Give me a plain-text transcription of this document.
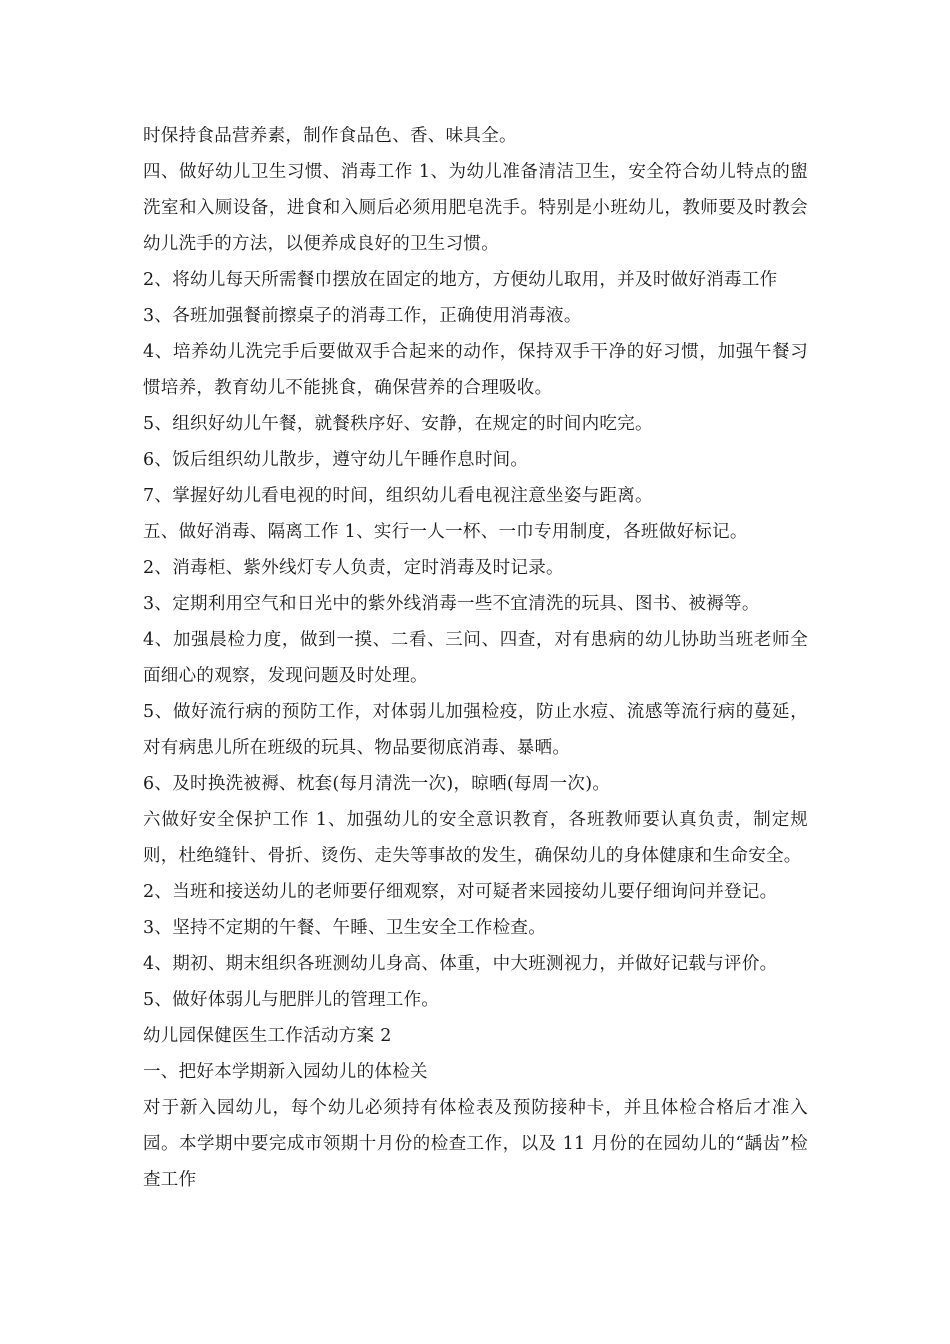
时保持食品营养素，制作食品色、香、味具全。

四、做好幼儿卫生习惯、消毒工作 1、为幼儿准备清洁卫生，安全符合幼儿特点的盥洗室和入厕设备，进食和入厕后必须用肥皂洗手。特别是小班幼儿，教师要及时教会幼儿洗手的方法，以便养成良好的卫生习惯。

2、将幼儿每天所需餐巾摆放在固定的地方，方便幼儿取用，并及时做好消毒工作

3、各班加强餐前擦桌子的消毒工作，正确使用消毒液。

4、培养幼儿洗完手后要做双手合起来的动作，保持双手干净的好习惯，加强午餐习惯培养，教育幼儿不能挑食，确保营养的合理吸收。

5、组织好幼儿午餐，就餐秩序好、安静，在规定的时间内吃完。

6、饭后组织幼儿散步，遵守幼儿午睡作息时间。

7、掌握好幼儿看电视的时间，组织幼儿看电视注意坐姿与距离。

五、做好消毒、隔离工作 1、实行一人一杯、一巾专用制度，各班做好标记。

2、消毒柜、紫外线灯专人负责，定时消毒及时记录。

3、定期利用空气和日光中的紫外线消毒一些不宜清洗的玩具、图书、被褥等。

4、加强晨检力度，做到一摸、二看、三问、四查，对有患病的幼儿协助当班老师全面细心的观察，发现问题及时处理。

5、做好流行病的预防工作，对体弱儿加强检疫，防止水痘、流感等流行病的蔓延，对有病患儿所在班级的玩具、物品要彻底消毒、暴晒。

6、及时换洗被褥、枕套(每月清洗一次)，晾晒(每周一次)。

六做好安全保护工作 1、加强幼儿的安全意识教育，各班教师要认真负责，制定规则，杜绝缝针、骨折、烫伤、走失等事故的发生，确保幼儿的身体健康和生命安全。

2、当班和接送幼儿的老师要仔细观察，对可疑者来园接幼儿要仔细询问并登记。

3、坚持不定期的午餐、午睡、卫生安全工作检查。

4、期初、期末组织各班测幼儿身高、体重，中大班测视力，并做好记载与评价。

5、做好体弱儿与肥胖儿的管理工作。

幼儿园保健医生工作活动方案 2

一、把好本学期新入园幼儿的体检关

对于新入园幼儿，每个幼儿必须持有体检表及预防接种卡，并且体检合格后才准入园。本学期中要完成市领期十月份的检查工作，以及 11 月份的在园幼儿的“龋齿”检查工作
